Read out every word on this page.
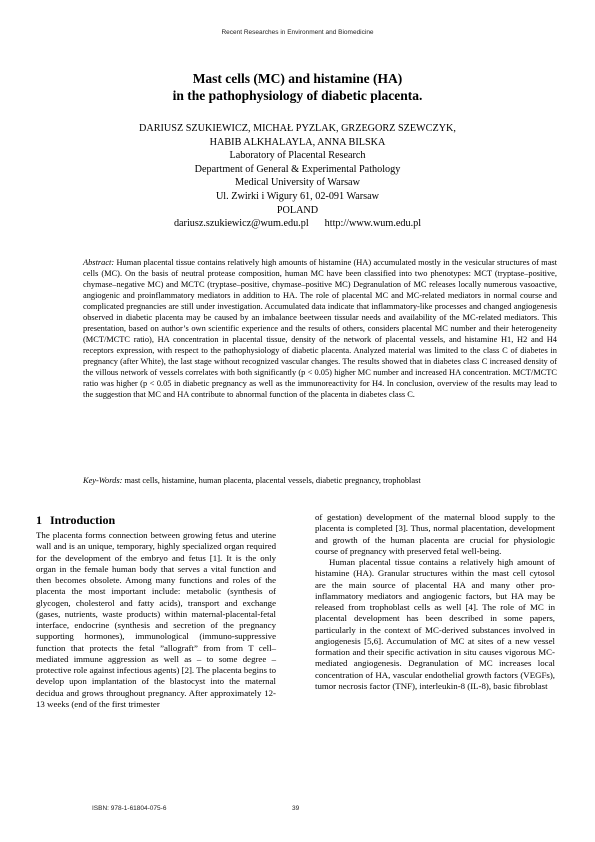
Recent Researches in Environment and Biomedicine
Mast cells (MC) and histamine (HA)
in the pathophysiology of diabetic placenta.
DARIUSZ SZUKIEWICZ, MICHAŁ PYZLAK, GRZEGORZ SZEWCZYK,
HABIB ALKHALAYLA, ANNA BILSKA
Laboratory of Placental Research
Department of General & Experimental Pathology
Medical University of Warsaw
Ul. Zwirki i Wigury 61, 02-091 Warsaw
POLAND
dariusz.szukiewicz@wum.edu.pl http://www.wum.edu.pl
Abstract: Human placental tissue contains relatively high amounts of histamine (HA) accumulated mostly in the vesicular structures of mast cells (MC). On the basis of neutral protease composition, human MC have been classified into two phenotypes: MCT (tryptase–positive, chymase–negative MC) and MCTC (tryptase–positive, chymase–positive MC) Degranulation of MC releases locally numerous vasoactive, angiogenic and proinflammatory mediators in addition to HA. The role of placental MC and MC-related mediators in normal course and complicated pregnancies are still under investigation. Accumulated data indicate that inflammatory-like processes and changed angiogenesis observed in diabetic placenta may be caused by an imbalance beetween tissular needs and availability of the MC-related mediators. This presentation, based on author’s own scientific experience and the results of others, considers placental MC number and their heterogeneity (MCT/MCTC ratio), HA concentration in placental tissue, density of the network of placental vessels, and histamine H1, H2 and H4 receptors expression, with respect to the pathophysiology of diabetic placenta. Analyzed material was limited to the class C of diabetes in pregnancy (after White), the last stage without recognized vascular changes. The results showed that in diabetes class C increased density of the villous network of vessels correlates with both significantly (p < 0.05) higher MC number and increased HA concentration. MCT/MCTC ratio was higher (p < 0.05 in diabetic pregnancy as well as the immunoreactivity for H4. In conclusion, overview of the results may lead to the suggestion that MC and HA contribute to abnormal function of the placenta in diabetes class C.
Key-Words: mast cells, histamine, human placenta, placental vessels, diabetic pregnancy, trophoblast
1 Introduction

The placenta forms connection between growing fetus and uterine wall and is an unique, temporary, highly specialized organ required for the development of the embryo and fetus [1]. It is the only organ in the female human body that serves a vital function and then becomes obsolete. Among many functions and roles of the placenta the most important include: metabolic (synthesis of glycogen, cholesterol and fatty acids), transport and exchange (gases, nutrients, waste products) within maternal-placental-fetal interface, endocrine (synthesis and secretion of the pregnancy supporting hormones), immunological (immuno-suppressive function that protects the fetal ”allograft” from from T cell–mediated immune aggression as well as – to some degree – protective role against infectious agents) [2]. The placenta begins to develop upon implantation of the blastocyst into the maternal decidua and grows throughout pregnancy. After approximately 12-13 weeks (end of the first trimester

of gestation) development of the maternal blood supply to the placenta is completed [3]. Thus, normal placentation, development and growth of the human placenta are crucial for physiologic course of pregnancy with preserved fetal well-being.

Human placental tissue contains a relatively high amount of histamine (HA). Granular structures within the mast cell cytosol are the main source of placental HA and many other pro-inflammatory mediators and angiogenic factors, but HA may be released from trophoblast cells as well [4]. The role of MC in placental development has been described in some papers, particularly in the context of MC-derived substances involved in angiogenesis [5,6]. Accumulation of MC at sites of a new vessel formation and their specific activation in situ causes vigorous MC-mediated angiogenesis. Degranulation of MC increases local concentration of HA, vascular endothelial growth factors (VEGFs), tumor necrosis factor (TNF), interleukin-8 (IL-8), basic fibroblast

ISBN: 978-1-61804-075-6	39
